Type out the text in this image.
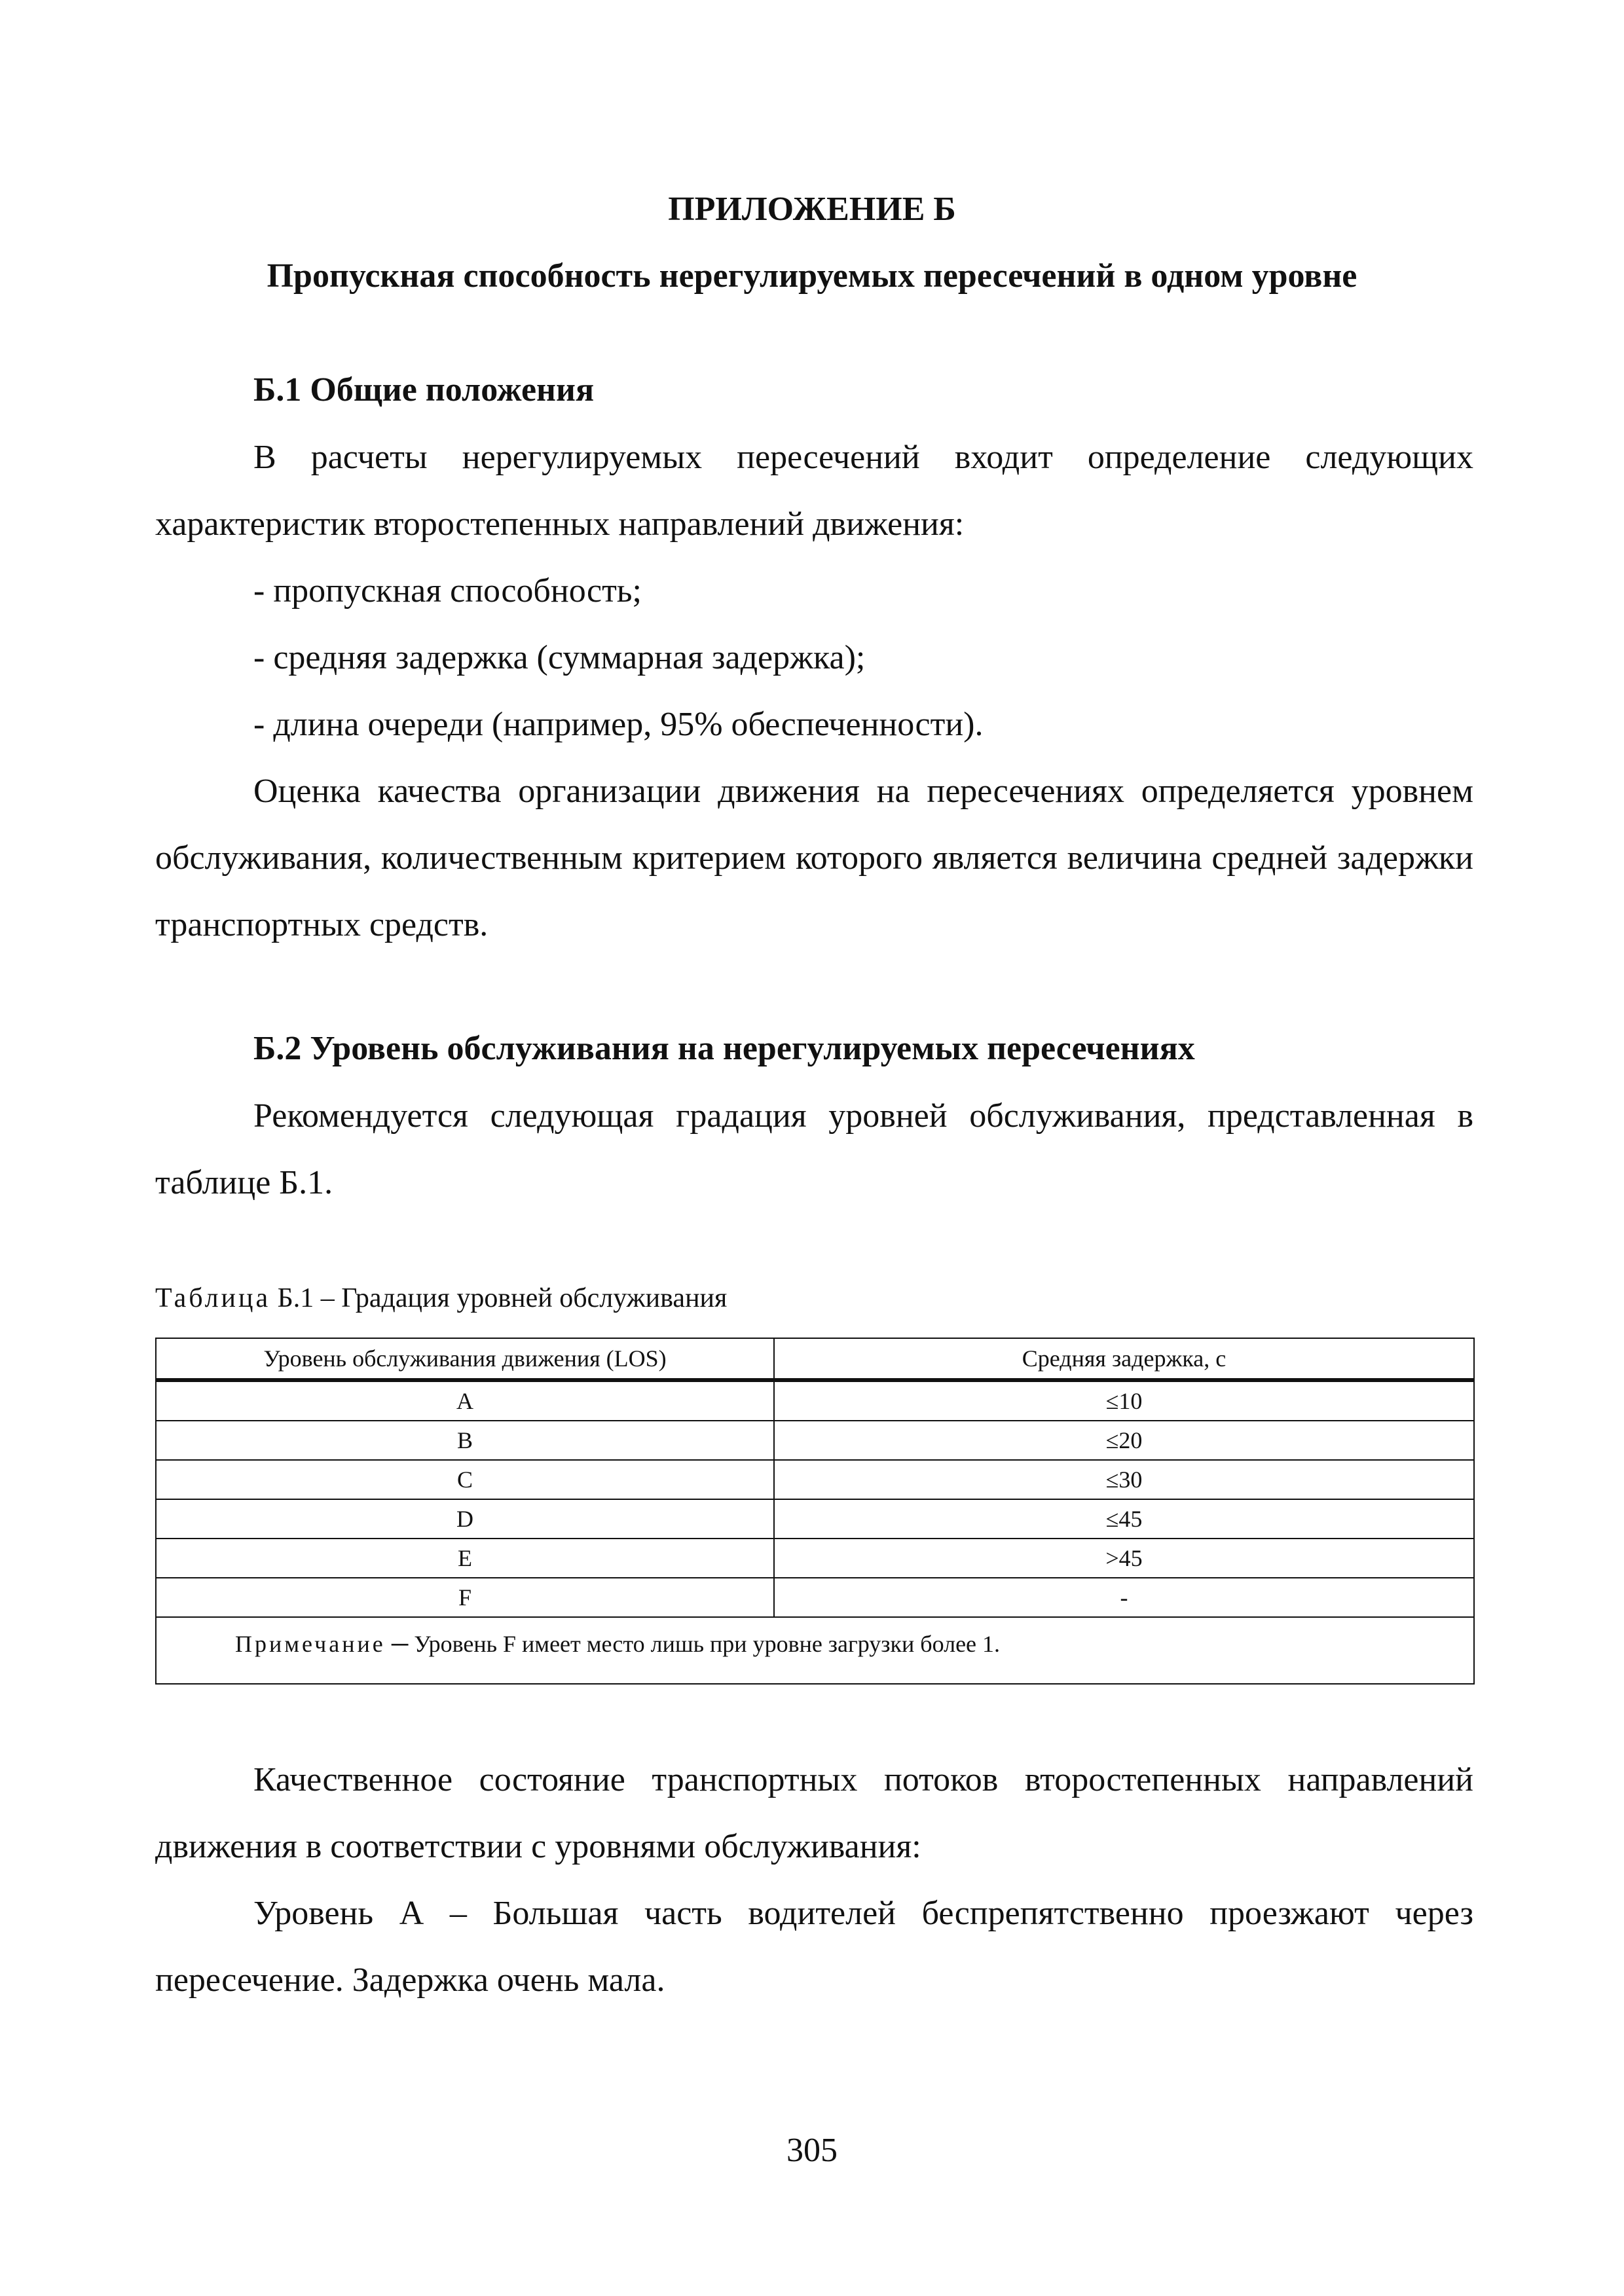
ПРИЛОЖЕНИЕ Б

Пропускная способность нерегулируемых пересечений в одном уровне

Б.1 Общие положения

В расчеты нерегулируемых пересечений входит определение следующих характеристик второстепенных направлений движения:

- пропускная способность;

- средняя задержка (суммарная задержка);

- длина очереди (например, 95% обеспеченности).

Оценка качества организации движения на пересечениях определяется уровнем обслуживания, количественным критерием которого является величина средней задержки транспортных средств.

Б.2 Уровень обслуживания на нерегулируемых пересечениях

Рекомендуется следующая градация уровней обслуживания, представленная в таблице Б.1.

Таблица Б.1 – Градация уровней обслуживания

Уровень обслуживания движения (LOS)	Средняя задержка, с
A	≤10
B	≤20
C	≤30
D	≤45
E	>45
F	-
Примечание ─ Уровень F имеет место лишь при уровне загрузки более 1.	

Качественное состояние транспортных потоков второстепенных направлений движения в соответствии с уровнями обслуживания:

Уровень А – Большая часть водителей беспрепятственно проезжают через пересечение. Задержка очень мала.

305
